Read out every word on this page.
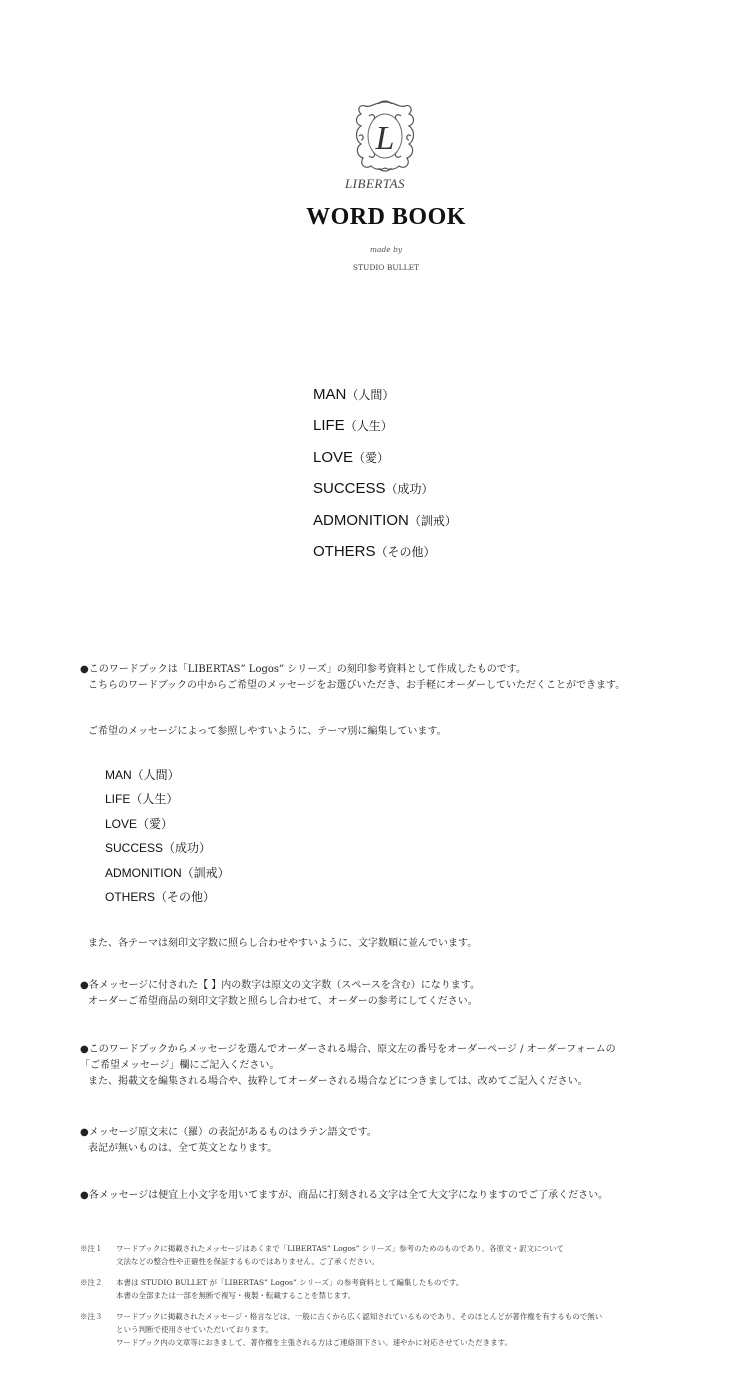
L
LIBERTAS
WORD BOOK
made by
STUDIO BULLET
MAN（人間）
LIFE（人生）
LOVE（愛）
SUCCESS（成功）
ADMONITION（訓戒）
OTHERS（その他）
●このワードブックは「LIBERTAS” Logos” シリーズ」の刻印参考資料として作成したものです。
こちらのワードブックの中からご希望のメッセージをお選びいただき、お手軽にオーダーしていただくことができます。
ご希望のメッセージによって参照しやすいように、テーマ別に編集しています。
MAN（人間）
LIFE（人生）
LOVE（愛）
SUCCESS（成功）
ADMONITION（訓戒）
OTHERS（その他）
また、各テーマは刻印文字数に照らし合わせやすいように、文字数順に並んでいます。
●各メッセージに付された【 】内の数字は原文の文字数（スペースを含む）になります。
オーダーご希望商品の刻印文字数と照らし合わせて、オーダーの参考にしてください。
●このワードブックからメッセージを選んでオーダーされる場合、原文左の番号をオーダーページ / オーダーフォームの
「ご希望メッセージ」欄にご記入ください。
また、掲載文を編集される場合や、抜粋してオーダーされる場合などにつきましては、改めてご記入ください。
●メッセージ原文末に（羅）の表記があるものはラテン語文です。
表記が無いものは、全て英文となります。
●各メッセージは便宜上小文字を用いてますが、商品に打刻される文字は全て大文字になりますのでご了承ください。
※注１ ワードブックに掲載されたメッセージはあくまで「LIBERTAS” Logos” シリーズ」参考のためのものであり、各原文・訳文について
文法などの整合性や正確性を保証するものではありません。ご了承ください。
※注２ 本書は STUDIO BULLET が「LIBERTAS” Logos” シリーズ」の参考資料として編集したものです。
本書の全部または一部を無断で複写・複製・転載することを禁じます。
※注３ ワードブックに掲載されたメッセージ・格言などは、一般に古くから広く認知されているものであり、そのほとんどが著作権を有するもので無い
という判断で使用させていただいております。
ワードブック内の文章等におきまして、著作権を主張される方はご連絡頂下さい。速やかに対応させていただきます。
